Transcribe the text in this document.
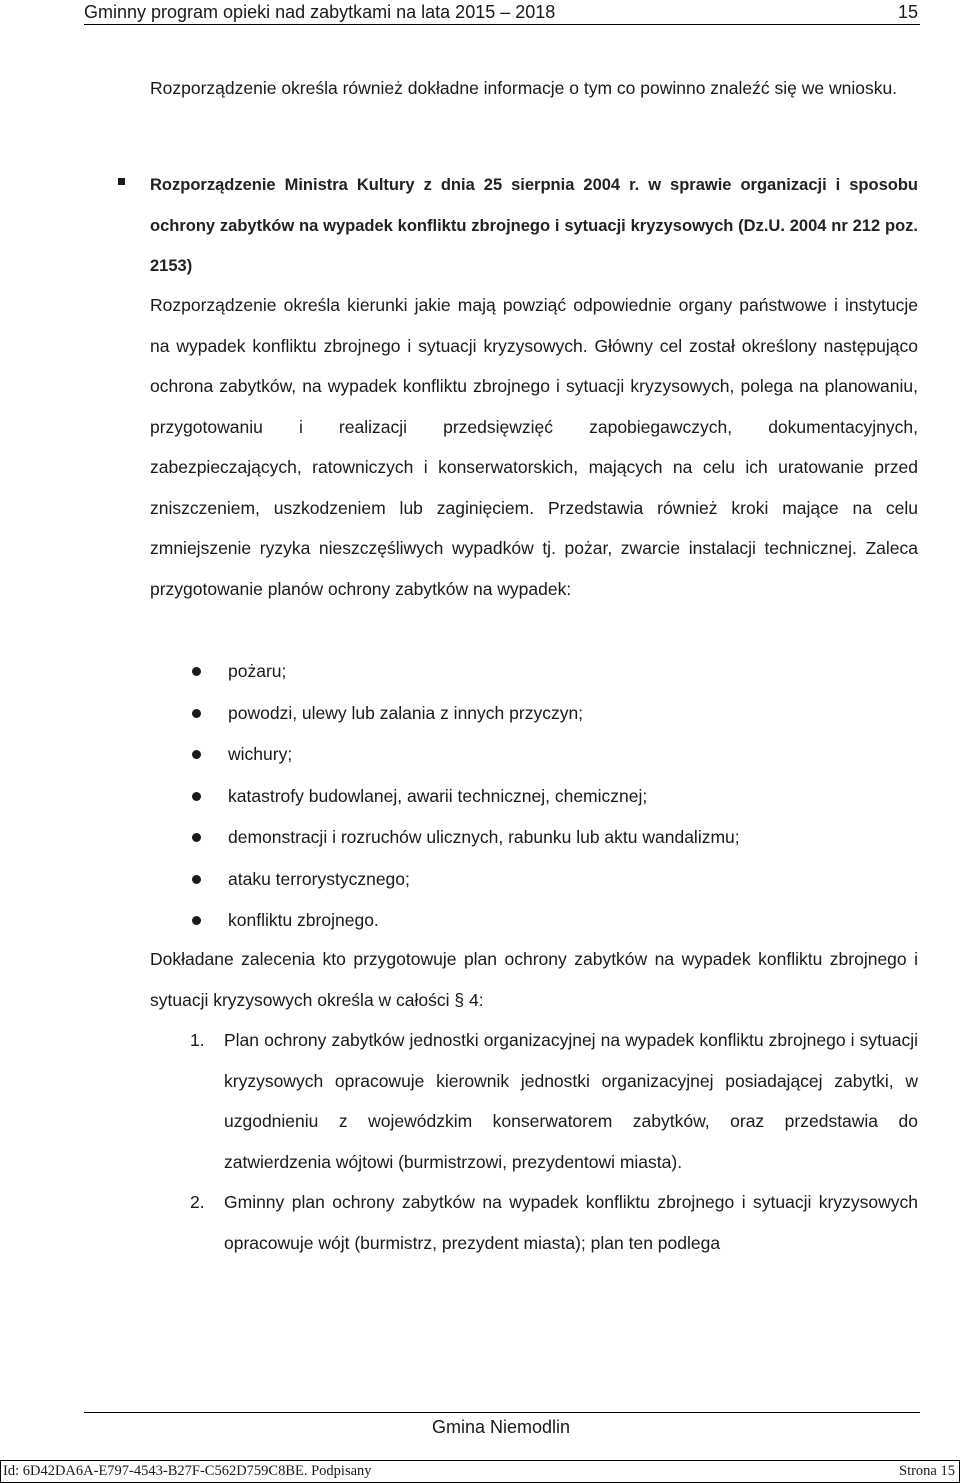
Gminny program opieki nad zabytkami na lata 2015 – 2018	15
Rozporządzenie określa również dokładne informacje o tym co powinno znaleźć się we wniosku.
Rozporządzenie Ministra Kultury z dnia 25 sierpnia 2004 r. w sprawie organizacji i sposobu ochrony zabytków na wypadek konfliktu zbrojnego i sytuacji kryzysowych (Dz.U. 2004 nr 212 poz. 2153)
Rozporządzenie określa kierunki jakie mają powziąć odpowiednie organy państwowe i instytucje na wypadek konfliktu zbrojnego i sytuacji kryzysowych. Główny cel został określony następująco ochrona zabytków, na wypadek konfliktu zbrojnego i sytuacji kryzysowych, polega na planowaniu, przygotowaniu i realizacji przedsięwzięć zapobiegawczych, dokumentacyjnych, zabezpieczających, ratowniczych i konserwatorskich, mających na celu ich uratowanie przed zniszczeniem, uszkodzeniem lub zaginięciem. Przedstawia również kroki mające na celu zmniejszenie ryzyka nieszczęśliwych wypadków tj. pożar, zwarcie instalacji technicznej. Zaleca przygotowanie planów ochrony zabytków na wypadek:
pożaru;
powodzi, ulewy lub zalania z innych przyczyn;
wichury;
katastrofy budowlanej, awarii technicznej, chemicznej;
demonstracji i rozruchów ulicznych, rabunku lub aktu wandalizmu;
ataku terrorystycznego;
konfliktu zbrojnego.
Dokładane zalecenia kto przygotowuje plan ochrony zabytków na wypadek konfliktu zbrojnego i sytuacji kryzysowych określa w całości § 4:
1. Plan ochrony zabytków jednostki organizacyjnej na wypadek konfliktu zbrojnego i sytuacji kryzysowych opracowuje kierownik jednostki organizacyjnej posiadającej zabytki, w uzgodnieniu z wojewódzkim konserwatorem zabytków, oraz przedstawia do zatwierdzenia wójtowi (burmistrzowi, prezydentowi miasta).
2. Gminny plan ochrony zabytków na wypadek konfliktu zbrojnego i sytuacji kryzysowych opracowuje wójt (burmistrz, prezydent miasta); plan ten podlega
Gmina Niemodlin
Id: 6D42DA6A-E797-4543-B27F-C562D759C8BE. Podpisany	Strona 15
